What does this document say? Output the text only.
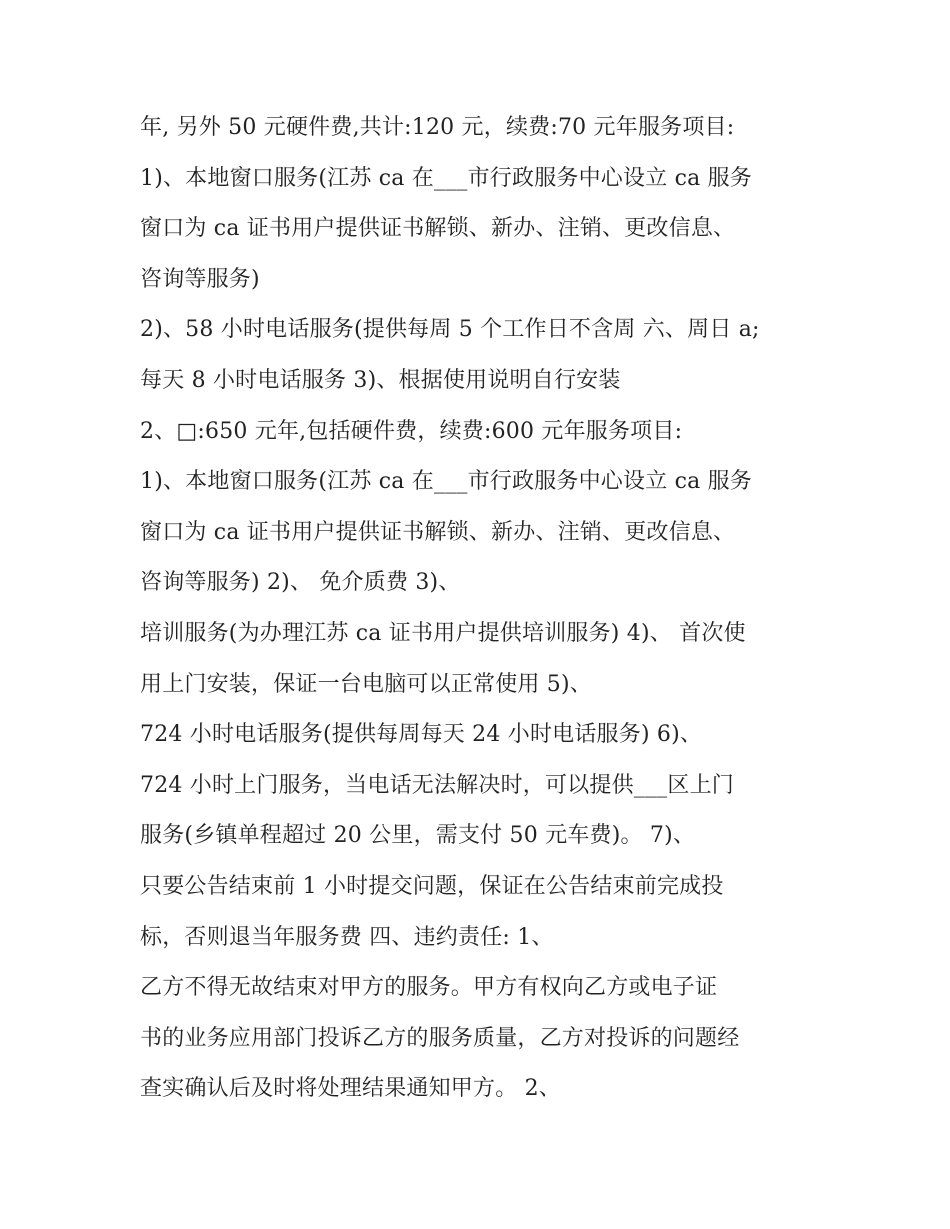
年, 另外 50 元硬件费,共计:120 元，续费:70 元年服务项目:
1)、本地窗口服务(江苏 ca 在___市行政服务中心设立 ca 服务
窗口为 ca 证书用户提供证书解锁、新办、注销、更改信息、
咨询等服务)
2)、58 小时电话服务(提供每周 5 个工作日不含周 六、周日 a;
每天 8 小时电话服务 3)、根据使用说明自行安装
2、□:650 元年,包括硬件费，续费:600 元年服务项目:
1)、本地窗口服务(江苏 ca 在___市行政服务中心设立 ca 服务
窗口为 ca 证书用户提供证书解锁、新办、注销、更改信息、
咨询等服务) 2)、 免介质费 3)、
培训服务(为办理江苏 ca 证书用户提供培训服务) 4)、 首次使
用上门安装，保证一台电脑可以正常使用 5)、
724 小时电话服务(提供每周每天 24 小时电话服务) 6)、
724 小时上门服务，当电话无法解决时，可以提供___区上门
服务(乡镇单程超过 20 公里，需支付 50 元车费)。 7)、
只要公告结束前 1 小时提交问题，保证在公告结束前完成投
标，否则退当年服务费 四、违约责任: 1、
乙方不得无故结束对甲方的服务。甲方有权向乙方或电子证
书的业务应用部门投诉乙方的服务质量，乙方对投诉的问题经
查实确认后及时将处理结果通知甲方。 2、
